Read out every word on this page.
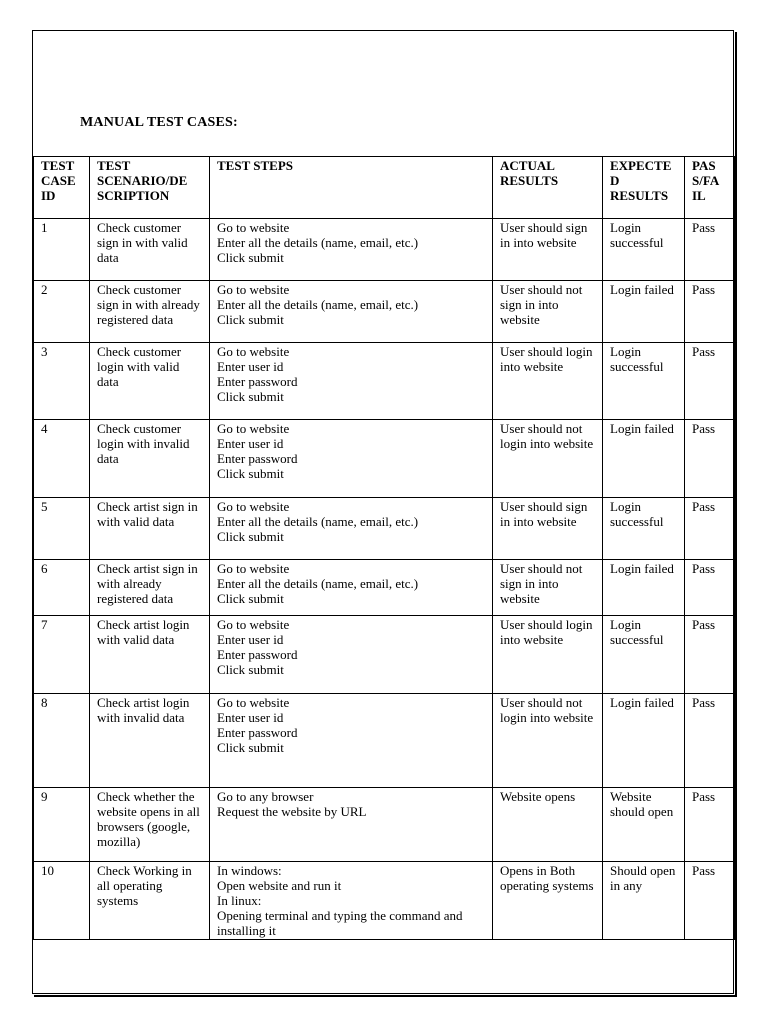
MANUAL TEST CASES:
TEST CASE ID	TEST SCENARIO/DE SCRIPTION	TEST STEPS	ACTUAL RESULTS	EXPECTE D RESULTS	PAS S/FA IL
1	Check customer sign in with valid data	Go to website
Enter all the details (name, email, etc.)
Click submit	User should sign in into website	Login successful	Pass
2	Check customer sign in with already registered data	Go to website
Enter all the details (name, email, etc.)
Click submit	User should not sign in into website	Login failed	Pass
3	Check customer login with valid data	Go to website
Enter user id
Enter password
Click submit	User should login into website	Login successful	Pass
4	Check customer login with invalid data	Go to website
Enter user id
Enter password
Click submit	User should not login into website	Login failed	Pass
5	Check artist sign in with valid data	Go to website
Enter all the details (name, email, etc.)
Click submit	User should sign in into website	Login successful	Pass
6	Check artist sign in with already registered data	Go to website
Enter all the details (name, email, etc.)
Click submit	User should not sign in into website	Login failed	Pass
7	Check artist login with valid data	Go to website
Enter user id
Enter password
Click submit	User should login into website	Login successful	Pass
8	Check artist login with invalid data	Go to website
Enter user id
Enter password
Click submit	User should not login into website	Login failed	Pass
9	Check whether the website opens in all browsers (google, mozilla)	Go to any browser
Request the website by URL	Website opens	Website should open	Pass
10	Check Working in all operating systems	In windows:
Open website and run it
In linux:
Opening terminal and typing the command and installing it	Opens in Both operating systems	Should open in any	Pass
